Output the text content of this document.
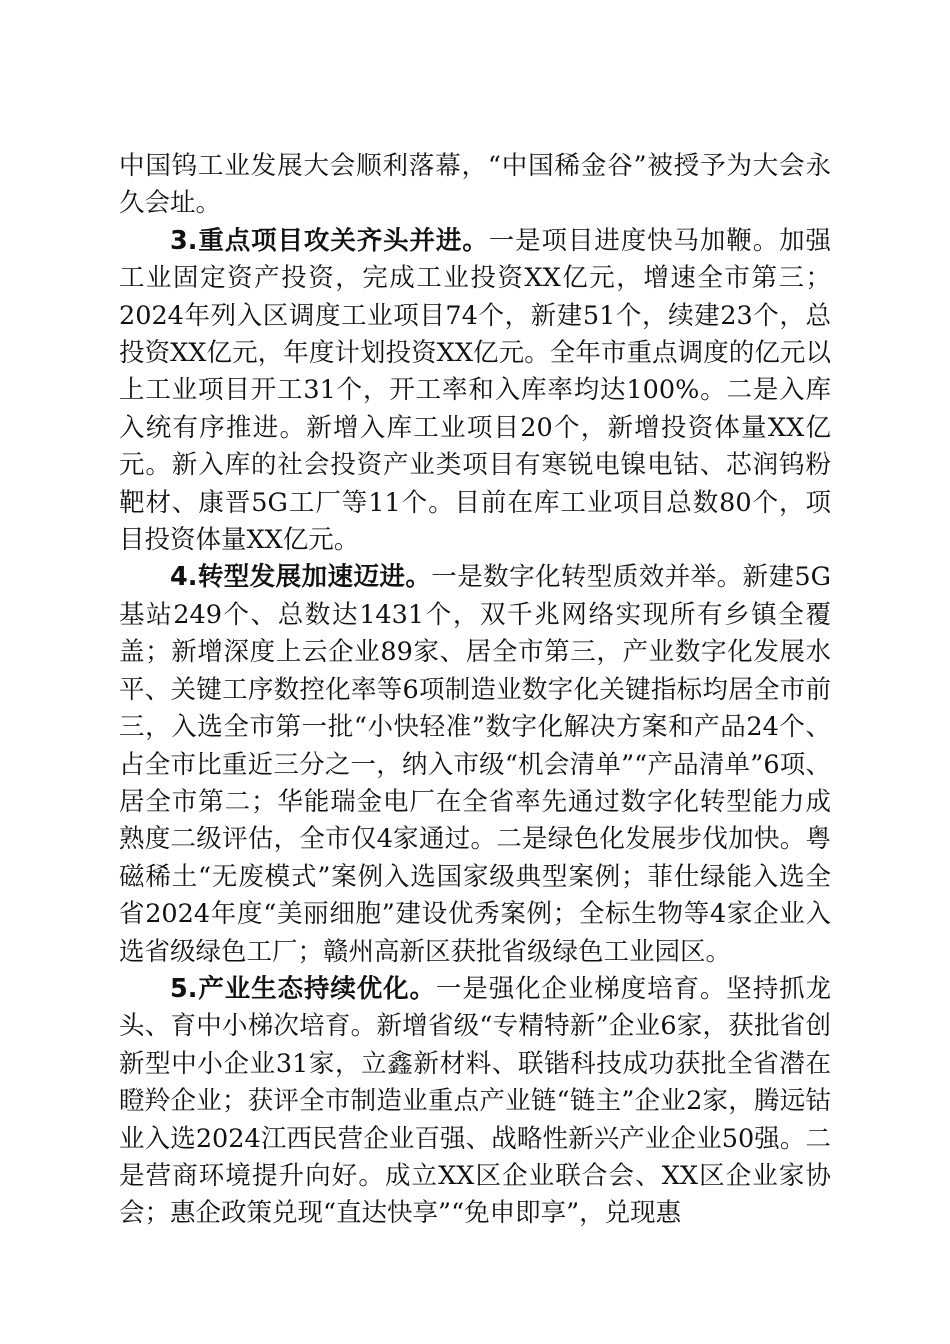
中国钨工业发展大会顺利落幕，“中国稀金谷”被授予为大会永久会址。

3.重点项目攻关齐头并进。一是项目进度快马加鞭。加强工业固定资产投资，完成工业投资XX亿元，增速全市第三；2024年列入区调度工业项目74个，新建51个，续建23个，总投资XX亿元，年度计划投资XX亿元。全年市重点调度的亿元以上工业项目开工31个，开工率和入库率均达100%。二是入库入统有序推进。新增入库工业项目20个，新增投资体量XX亿元。新入库的社会投资产业类项目有寒锐电镍电钴、芯润钨粉靶材、康晋5G工厂等11个。目前在库工业项目总数80个，项目投资体量XX亿元。

4.转型发展加速迈进。一是数字化转型质效并举。新建5G基站249个、总数达1431个，双千兆网络实现所有乡镇全覆盖；新增深度上云企业89家、居全市第三，产业数字化发展水平、关键工序数控化率等6项制造业数字化关键指标均居全市前三，入选全市第一批“小快轻准”数字化解决方案和产品24个、占全市比重近三分之一，纳入市级“机会清单”“产品清单”6项、居全市第二；华能瑞金电厂在全省率先通过数字化转型能力成熟度二级评估，全市仅4家通过。二是绿色化发展步伐加快。粤磁稀土“无废模式”案例入选国家级典型案例；菲仕绿能入选全省2024年度“美丽细胞”建设优秀案例；全标生物等4家企业入选省级绿色工厂；赣州高新区获批省级绿色工业园区。

5.产业生态持续优化。一是强化企业梯度培育。坚持抓龙头、育中小梯次培育。新增省级“专精特新”企业6家，获批省创新型中小企业31家，立鑫新材料、联锴科技成功获批全省潜在瞪羚企业；获评全市制造业重点产业链“链主”企业2家，腾远钴业入选2024江西民营企业百强、战略性新兴产业企业50强。二是营商环境提升向好。成立XX区企业联合会、XX区企业家协会；惠企政策兑现“直达快享”“免申即享”，兑现惠
